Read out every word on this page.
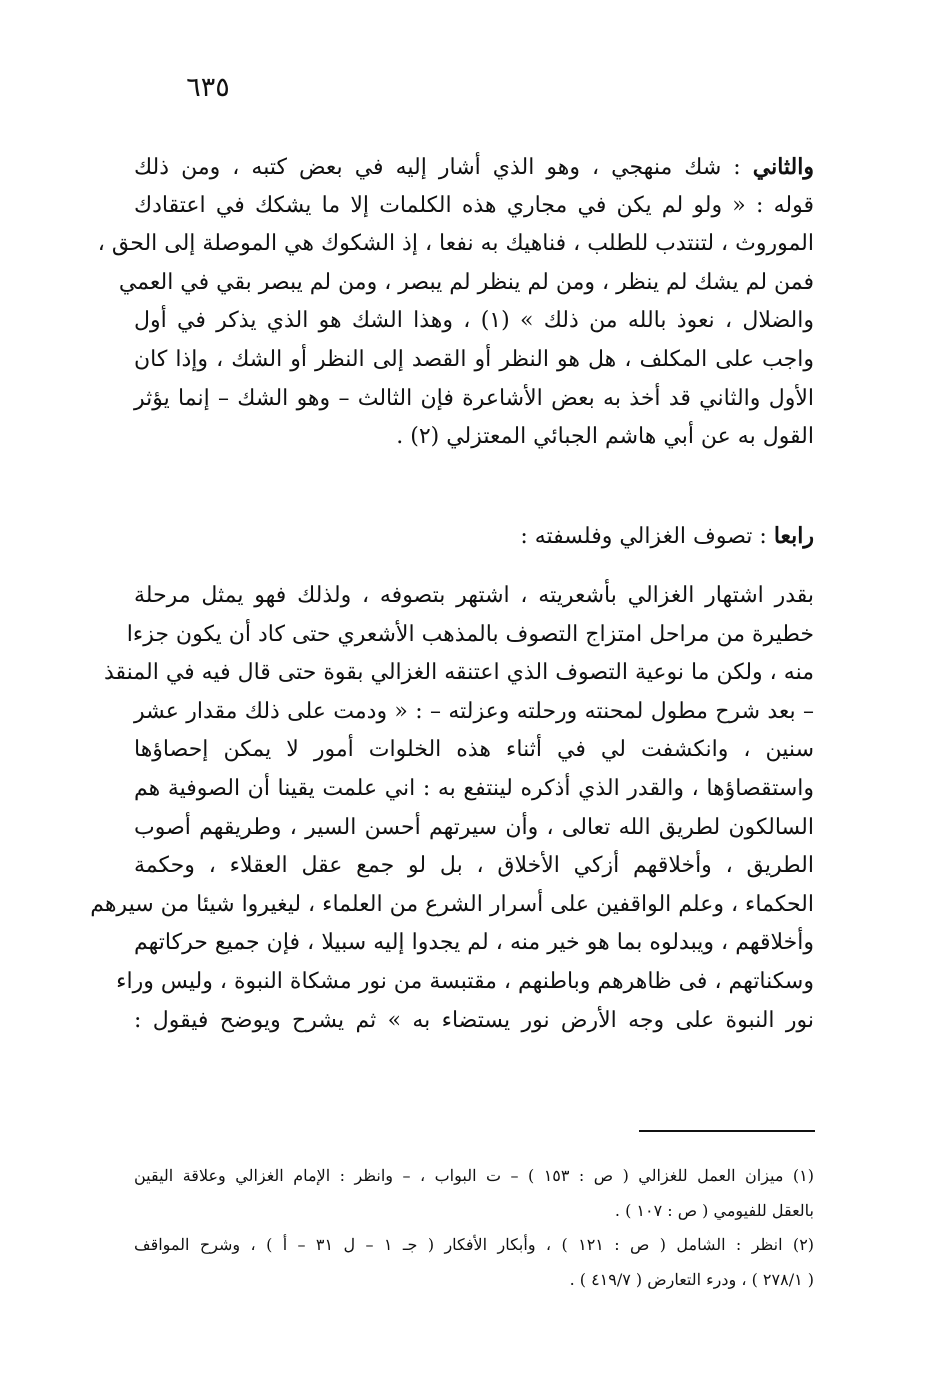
٦٣٥
والثاني : شك منهجي ، وهو الذي أشار إليه في بعض كتبه ، ومن ذلك
قوله : « ولو لم يكن في مجاري هذه الكلمات إلا ما يشكك في اعتقادك
الموروث ، لتنتدب للطلب ، فناهيك به نفعا ، إذ الشكوك هي الموصلة إلى الحق ،
فمن لم يشك لم ينظر ، ومن لم ينظر لم يبصر ، ومن لم يبصر بقي في العمي
والضلال ، نعوذ بالله من ذلك » (١) ، وهذا الشك هو الذي يذكر في أول
واجب على المكلف ، هل هو النظر أو القصد إلى النظر أو الشك ، وإذا كان
الأول والثاني قد أخذ به بعض الأشاعرة فإن الثالث – وهو الشك – إنما يؤثر
القول به عن أبي هاشم الجبائي المعتزلي (٢) .
رابعا : تصوف الغزالي وفلسفته :
بقدر اشتهار الغزالي بأشعريته ، اشتهر بتصوفه ، ولذلك فهو يمثل مرحلة
خطيرة من مراحل امتزاج التصوف بالمذهب الأشعري حتى كاد أن يكون جزءا
منه ، ولكن ما نوعية التصوف الذي اعتنقه الغزالي بقوة حتى قال فيه في المنقذ
– بعد شرح مطول لمحنته ورحلته وعزلته – : « ودمت على ذلك مقدار عشر
سنين ، وانكشفت لي في أثناء هذه الخلوات أمور لا يمكن إحصاؤها
واستقصاؤها ، والقدر الذي أذكره لينتفع به : اني علمت يقينا أن الصوفية هم
السالكون لطريق الله تعالى ، وأن سيرتهم أحسن السير ، وطريقهم أصوب
الطريق ، وأخلاقهم أزكي الأخلاق ، بل لو جمع عقل العقلاء ، وحكمة
الحكماء ، وعلم الواقفين على أسرار الشرع من العلماء ، ليغيروا شيئا من سيرهم
وأخلاقهم ، ويبدلوه بما هو خير منه ، لم يجدوا إليه سبيلا ، فإن جميع حركاتهم
وسكناتهم ، فى ظاهرهم وباطنهم ، مقتبسة من نور مشكاة النبوة ، وليس وراء
نور النبوة على وجه الأرض نور يستضاء به » ثم يشرح ويوضح فيقول :
(١) ميزان العمل للغزالي ( ص : ١٥٣ ) – ت البواب ، – وانظر : الإمام الغزالي وعلاقة اليقين
بالعقل للفيومي ( ص : ١٠٧ ) .
(٢) انظر : الشامل ( ص : ١٢١ ) ، وأبكار الأفكار ( جـ ١ – ل ٣١ – أ ) ، وشرح المواقف
( ٢٧٨/١ ) ، ودرء التعارض ( ٤١٩/٧ ) .
